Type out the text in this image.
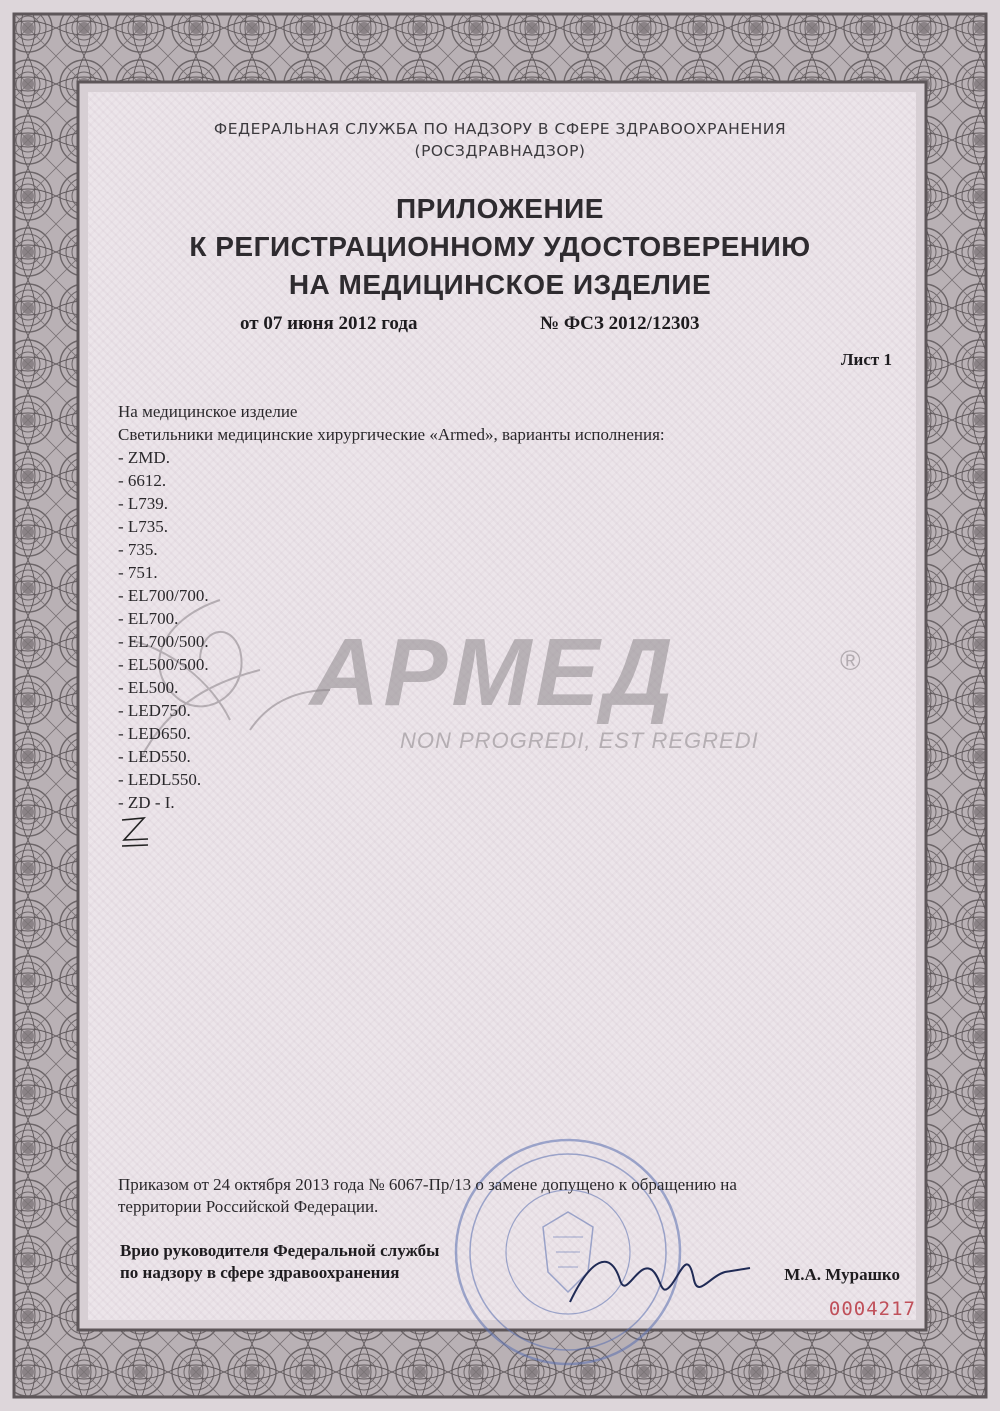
ФЕДЕРАЛЬНАЯ СЛУЖБА ПО НАДЗОРУ В СФЕРЕ ЗДРАВООХРАНЕНИЯ
(РОСЗДРАВНАДЗОР)
ПРИЛОЖЕНИЕ
К РЕГИСТРАЦИОННОМУ УДОСТОВЕРЕНИЮ
НА МЕДИЦИНСКОЕ ИЗДЕЛИЕ
от 07 июня 2012 года	№ ФСЗ 2012/12303
Лист 1
АРМЕД	®
NON PROGREDI, EST REGREDI
На медицинское изделие
Светильники медицинские хирургические «Armed», варианты исполнения:
- ZMD.
- 6612.
- L739.
- L735.
- 735.
- 751.
- EL700/700.
- EL700.
- EL700/500.
- EL500/500.
- EL500.
- LED750.
- LED650.
- LED550.
- LEDL550.
- ZD - I.
Приказом от 24 октября 2013 года № 6067-Пр/13 о замене допущено к обращению на
территории Российской Федерации.
Врио руководителя Федеральной службы
по надзору в сфере здравоохранения	М.А. Мурашко
0004217
